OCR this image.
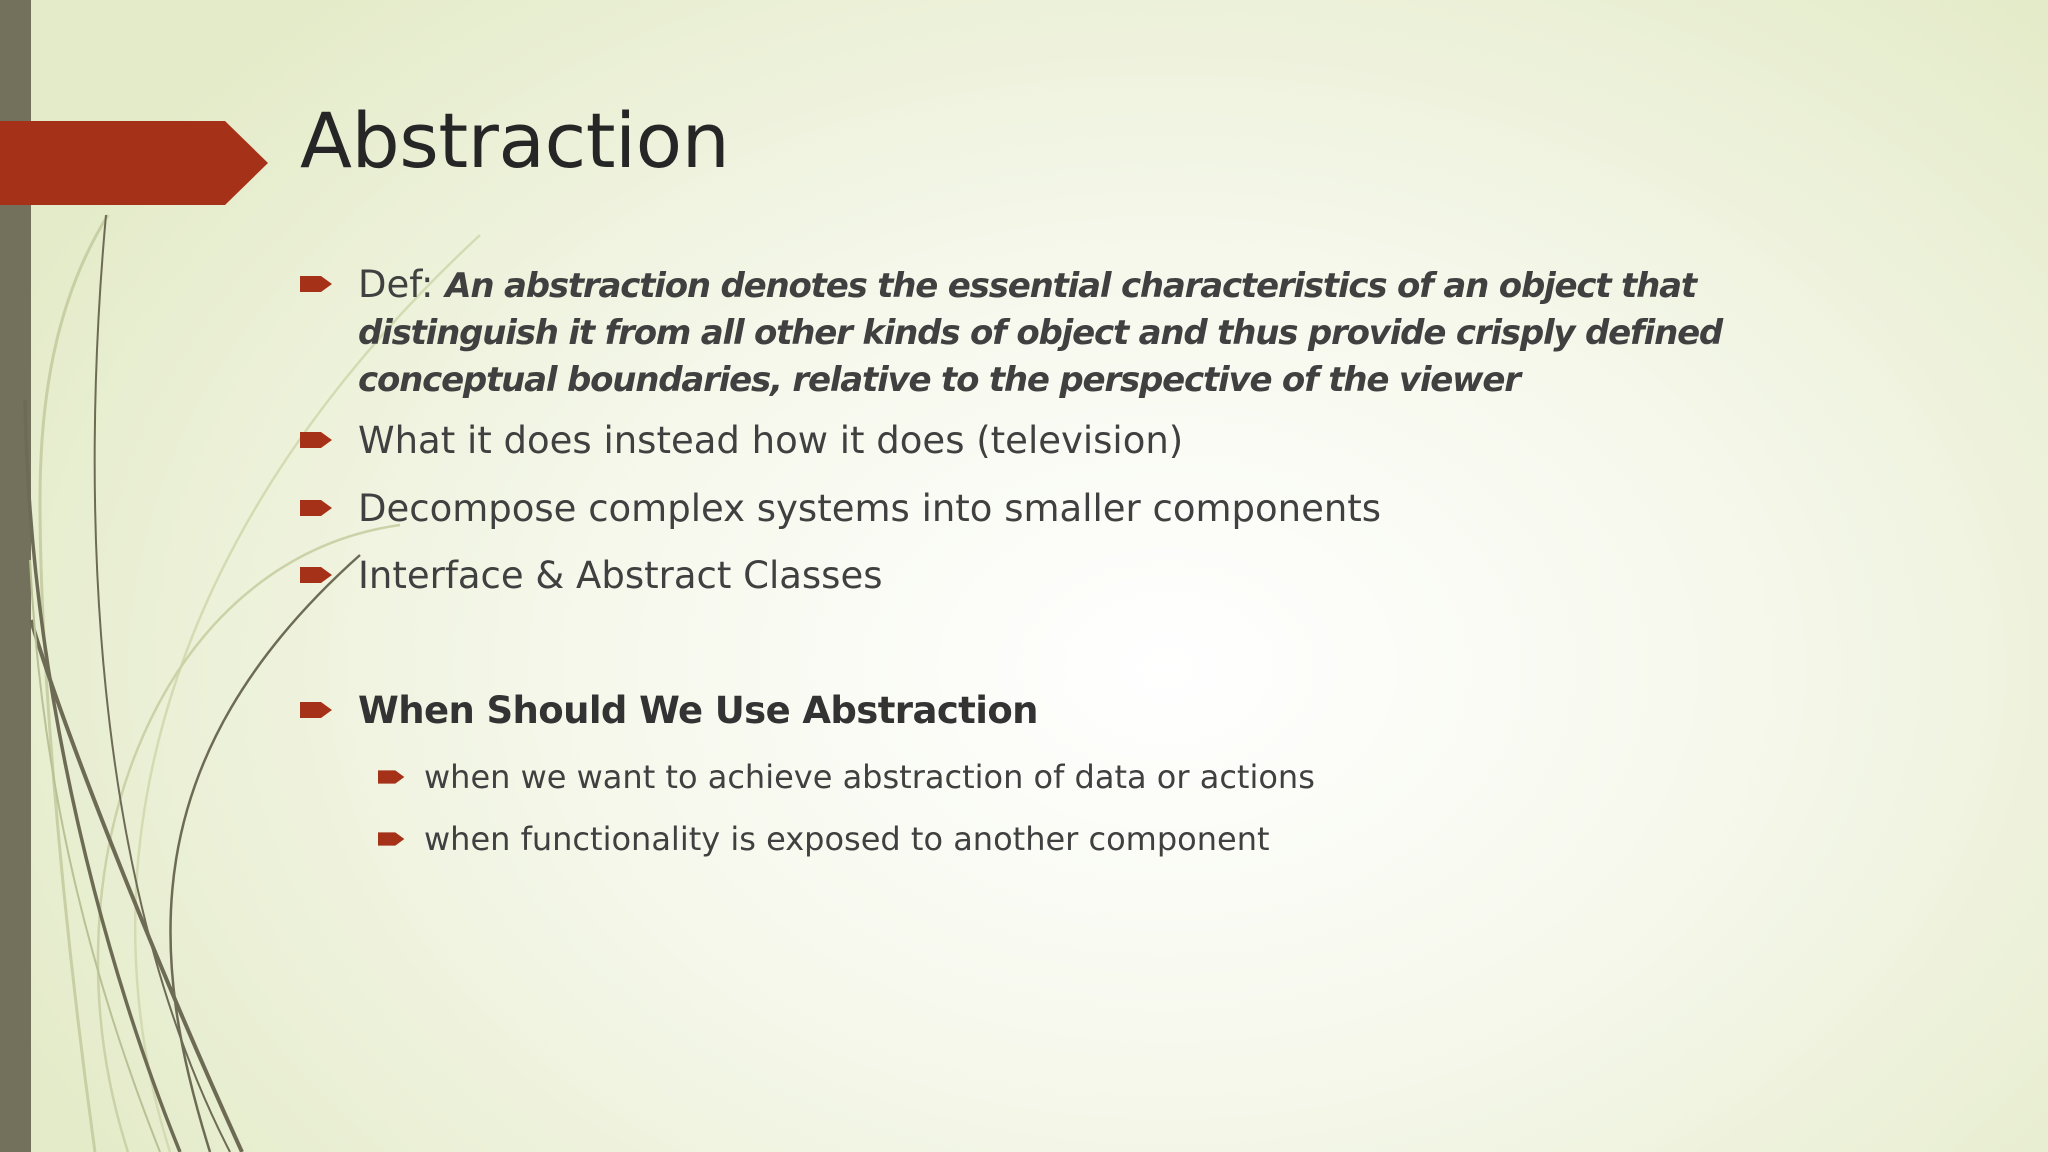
Abstraction
Def: An abstraction denotes the essential characteristics of an object that distinguish it from all other kinds of object and thus provide crisply defined conceptual boundaries, relative to the perspective of the viewer
What it does instead how it does (television)
Decompose complex systems into smaller components
Interface & Abstract Classes
When Should We Use Abstraction
when we want to achieve abstraction of data or actions
when functionality is exposed to another component
